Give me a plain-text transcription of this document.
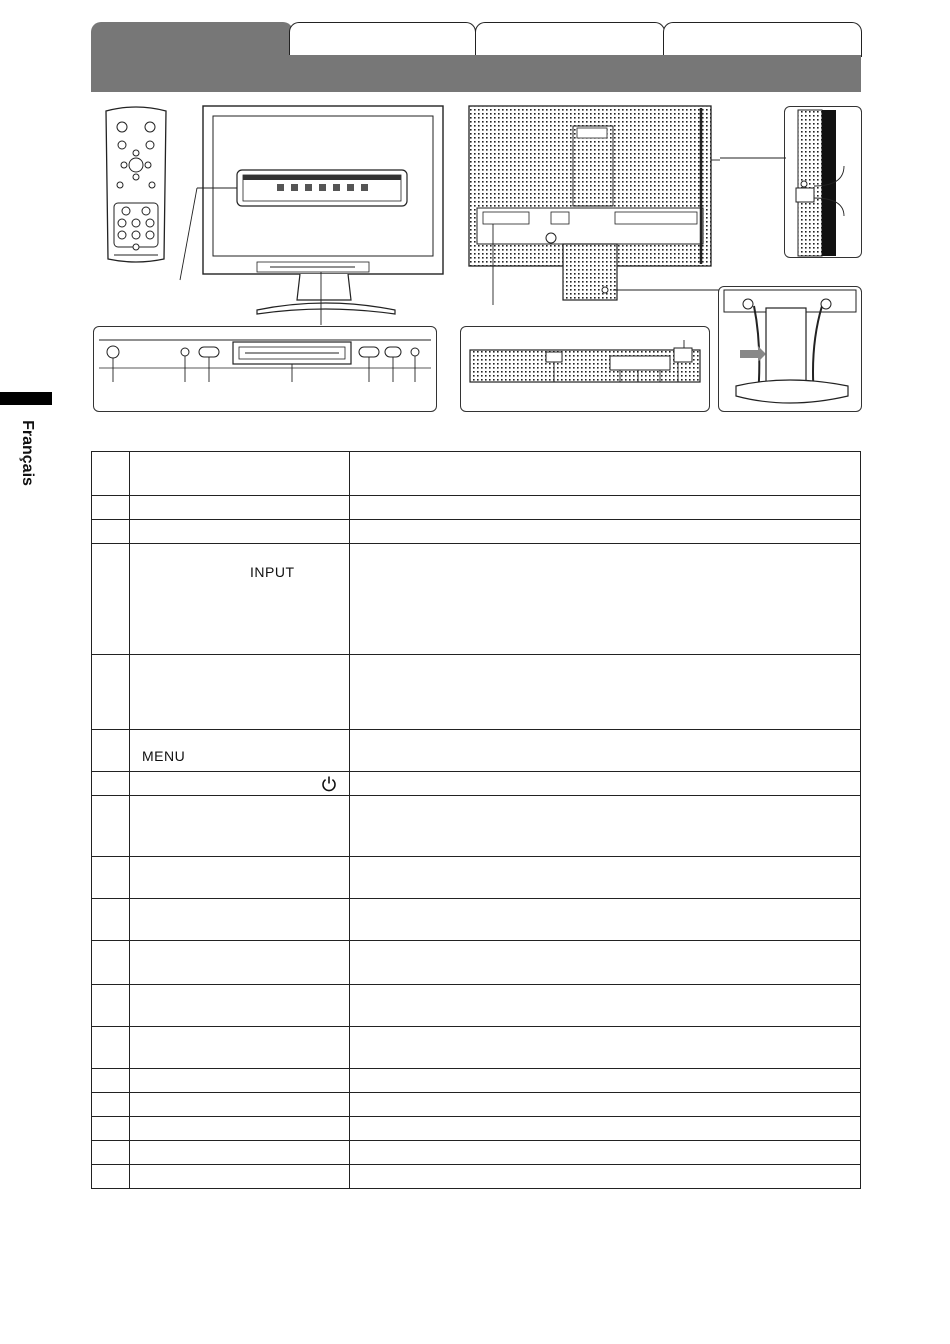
Français

	INPUT	

	MENU	
